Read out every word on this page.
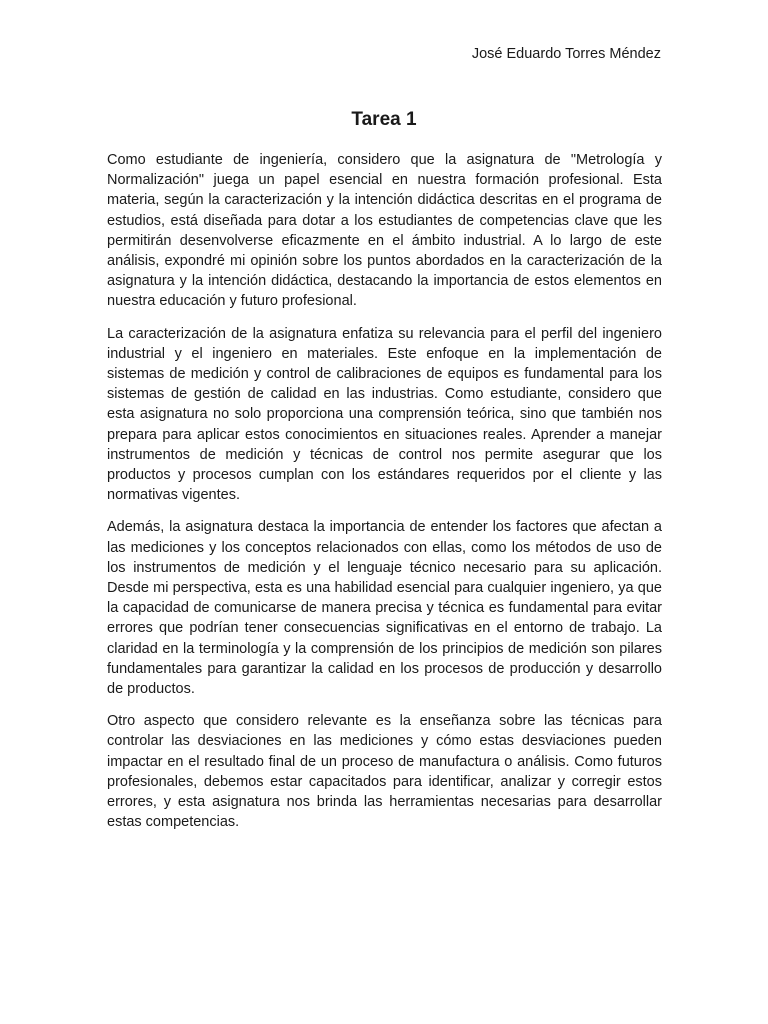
José Eduardo Torres Méndez
Tarea 1

Como estudiante de ingeniería, considero que la asignatura de "Metrología y Normalización" juega un papel esencial en nuestra formación profesional. Esta materia, según la caracterización y la intención didáctica descritas en el programa de estudios, está diseñada para dotar a los estudiantes de competencias clave que les permitirán desenvolverse eficazmente en el ámbito industrial. A lo largo de este análisis, expondré mi opinión sobre los puntos abordados en la caracterización de la asignatura y la intención didáctica, destacando la importancia de estos elementos en nuestra educación y futuro profesional.

La caracterización de la asignatura enfatiza su relevancia para el perfil del ingeniero industrial y el ingeniero en materiales. Este enfoque en la implementación de sistemas de medición y control de calibraciones de equipos es fundamental para los sistemas de gestión de calidad en las industrias. Como estudiante, considero que esta asignatura no solo proporciona una comprensión teórica, sino que también nos prepara para aplicar estos conocimientos en situaciones reales. Aprender a manejar instrumentos de medición y técnicas de control nos permite asegurar que los productos y procesos cumplan con los estándares requeridos por el cliente y las normativas vigentes.

Además, la asignatura destaca la importancia de entender los factores que afectan a las mediciones y los conceptos relacionados con ellas, como los métodos de uso de los instrumentos de medición y el lenguaje técnico necesario para su aplicación. Desde mi perspectiva, esta es una habilidad esencial para cualquier ingeniero, ya que la capacidad de comunicarse de manera precisa y técnica es fundamental para evitar errores que podrían tener consecuencias significativas en el entorno de trabajo. La claridad en la terminología y la comprensión de los principios de medición son pilares fundamentales para garantizar la calidad en los procesos de producción y desarrollo de productos.

Otro aspecto que considero relevante es la enseñanza sobre las técnicas para controlar las desviaciones en las mediciones y cómo estas desviaciones pueden impactar en el resultado final de un proceso de manufactura o análisis. Como futuros profesionales, debemos estar capacitados para identificar, analizar y corregir estos errores, y esta asignatura nos brinda las herramientas necesarias para desarrollar estas competencias.
